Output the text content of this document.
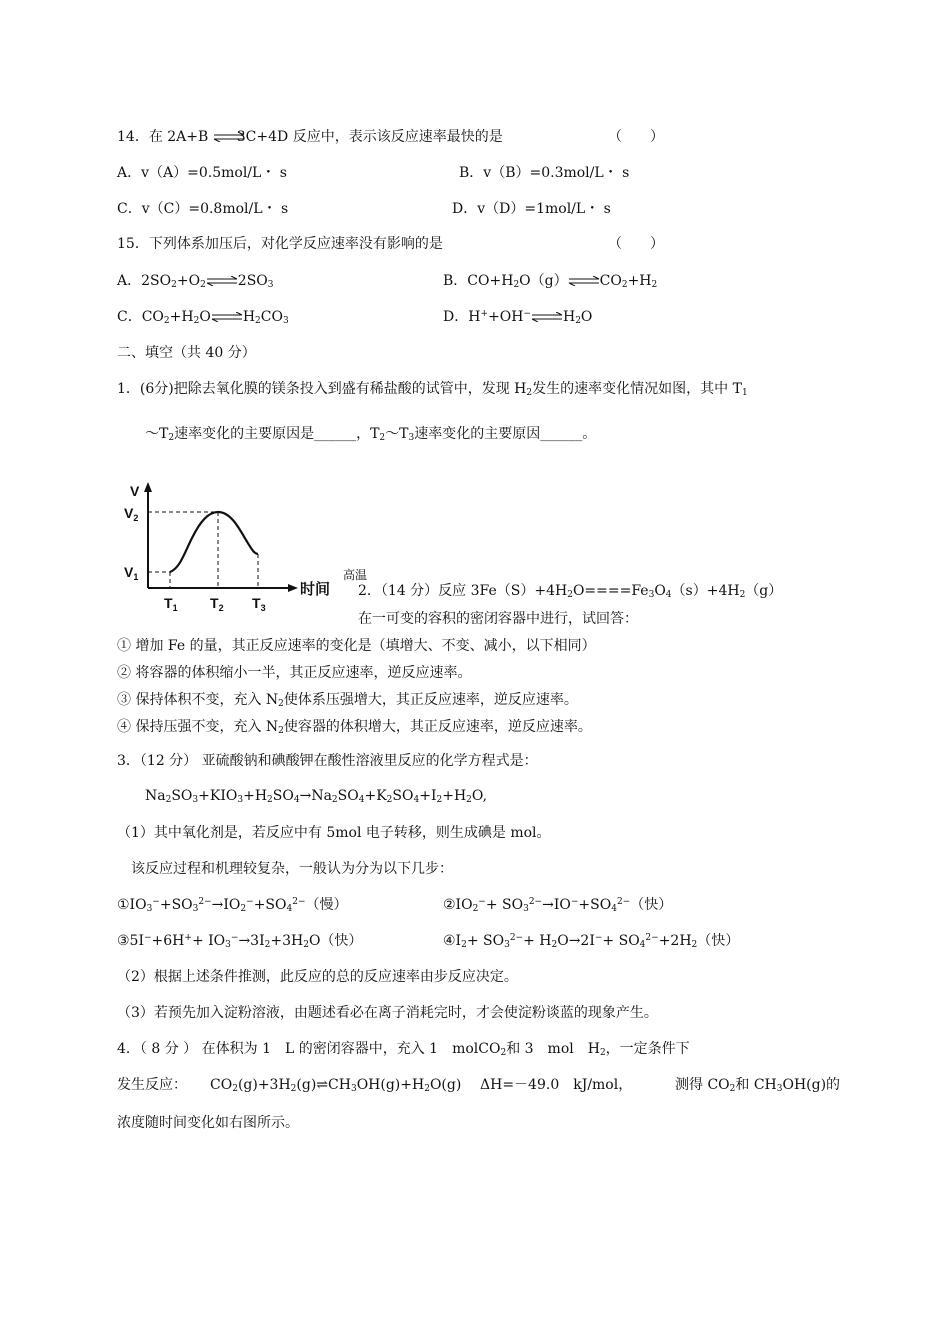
14．在 2A+B ⇌3C+4D 反应中，表示该反应速率最快的是	（　　）
A．v（A）=0.5mol/L・ s	B．v（B）=0.3mol/L・ s
C．v（C）=0.8mol/L・ s	D．v（D）=1mol/L・ s
15．下列体系加压后，对化学反应速率没有影响的是	（　　）
A．$2SO_2+O_2\rightleftharpoons 2SO_3$	B．$CO+H_2O(g)\rightleftharpoons CO_2+H_2$
C．$CO_2+H_2O\rightleftharpoons H_2CO_3$	D．$H^++OH^-\rightleftharpoons H_2O$
二、填空（共 40 分）
1．(6分)把除去氧化膜的镁条投入到盛有稀盐酸的试管中，发现 $H_2$发生的速率变化情况如图，其中 $T_1$
$\sim T_2$速率变化的主要原因是______，$T_2\sim T_3$速率变化的主要原因______。
V
$V_2$
$V_1$
$T_1$ $T_2$ $T_3$
时间
高温
2．（14 分）反应 $3Fe(S)+4H_2O====Fe_3O_4(s)+4H_2(g)$
在一可变的容积的密闭容器中进行，试回答：
① 增加 Fe 的量，其正反应速率的变化是（填增大、不变、减小，以下相同）
② 将容器的体积缩小一半，其正反应速率，逆反应速率。
③ 保持体积不变，充入 $N_2$使体系压强增大，其正反应速率，逆反应速率。
④ 保持压强不变，充入 $N_2$使容器的体积增大，其正反应速率，逆反应速率。
3．（12 分） 亚硫酸钠和碘酸钾在酸性溶液里反应的化学方程式是：
$Na_2SO_3+KIO_3+H_2SO_4\to Na_2SO_4+K_2SO_4+I_2+H_2O$,
（1）其中氧化剂是，若反应中有 5mol 电子转移，则生成碘是 mol。
该反应过程和机理较复杂，一般认为分为以下几步：
$①IO_3^-+SO_3^{2-}\to IO_2^-+SO_4^{2-}$（慢）	$②IO_2^-+ SO_3^{2-}\to IO^-+SO_4^{2-}$（快）
③5I−+6H++ $IO_3^-\to 3I_2+3H_2O$（快）	$④I_2+ SO_3^{2-}+ H_2O\to 2I^-+ SO_4^{2-}+2H_2$（快）
（2）根据上述条件推测，此反应的总的反应速率由步反应决定。
（3）若预先加入淀粉溶液，由题述看必在离子消耗完时，才会使淀粉谈蓝的现象产生。
4．（ 8 分 ） 在体积为 1　L 的密闭容器中，充入 1　molCO$_2$和 3　mol　$H_2$，一定条件下
发生反应： $CO_2(g)+3H_2(g)\rightleftharpoons CH_3OH(g)+H_2O(g)$ ΔH=－49.0　kJ/mol，	测得 $CO_2$和 $CH_3OH(g)$的
浓度随时间变化如右图所示。
